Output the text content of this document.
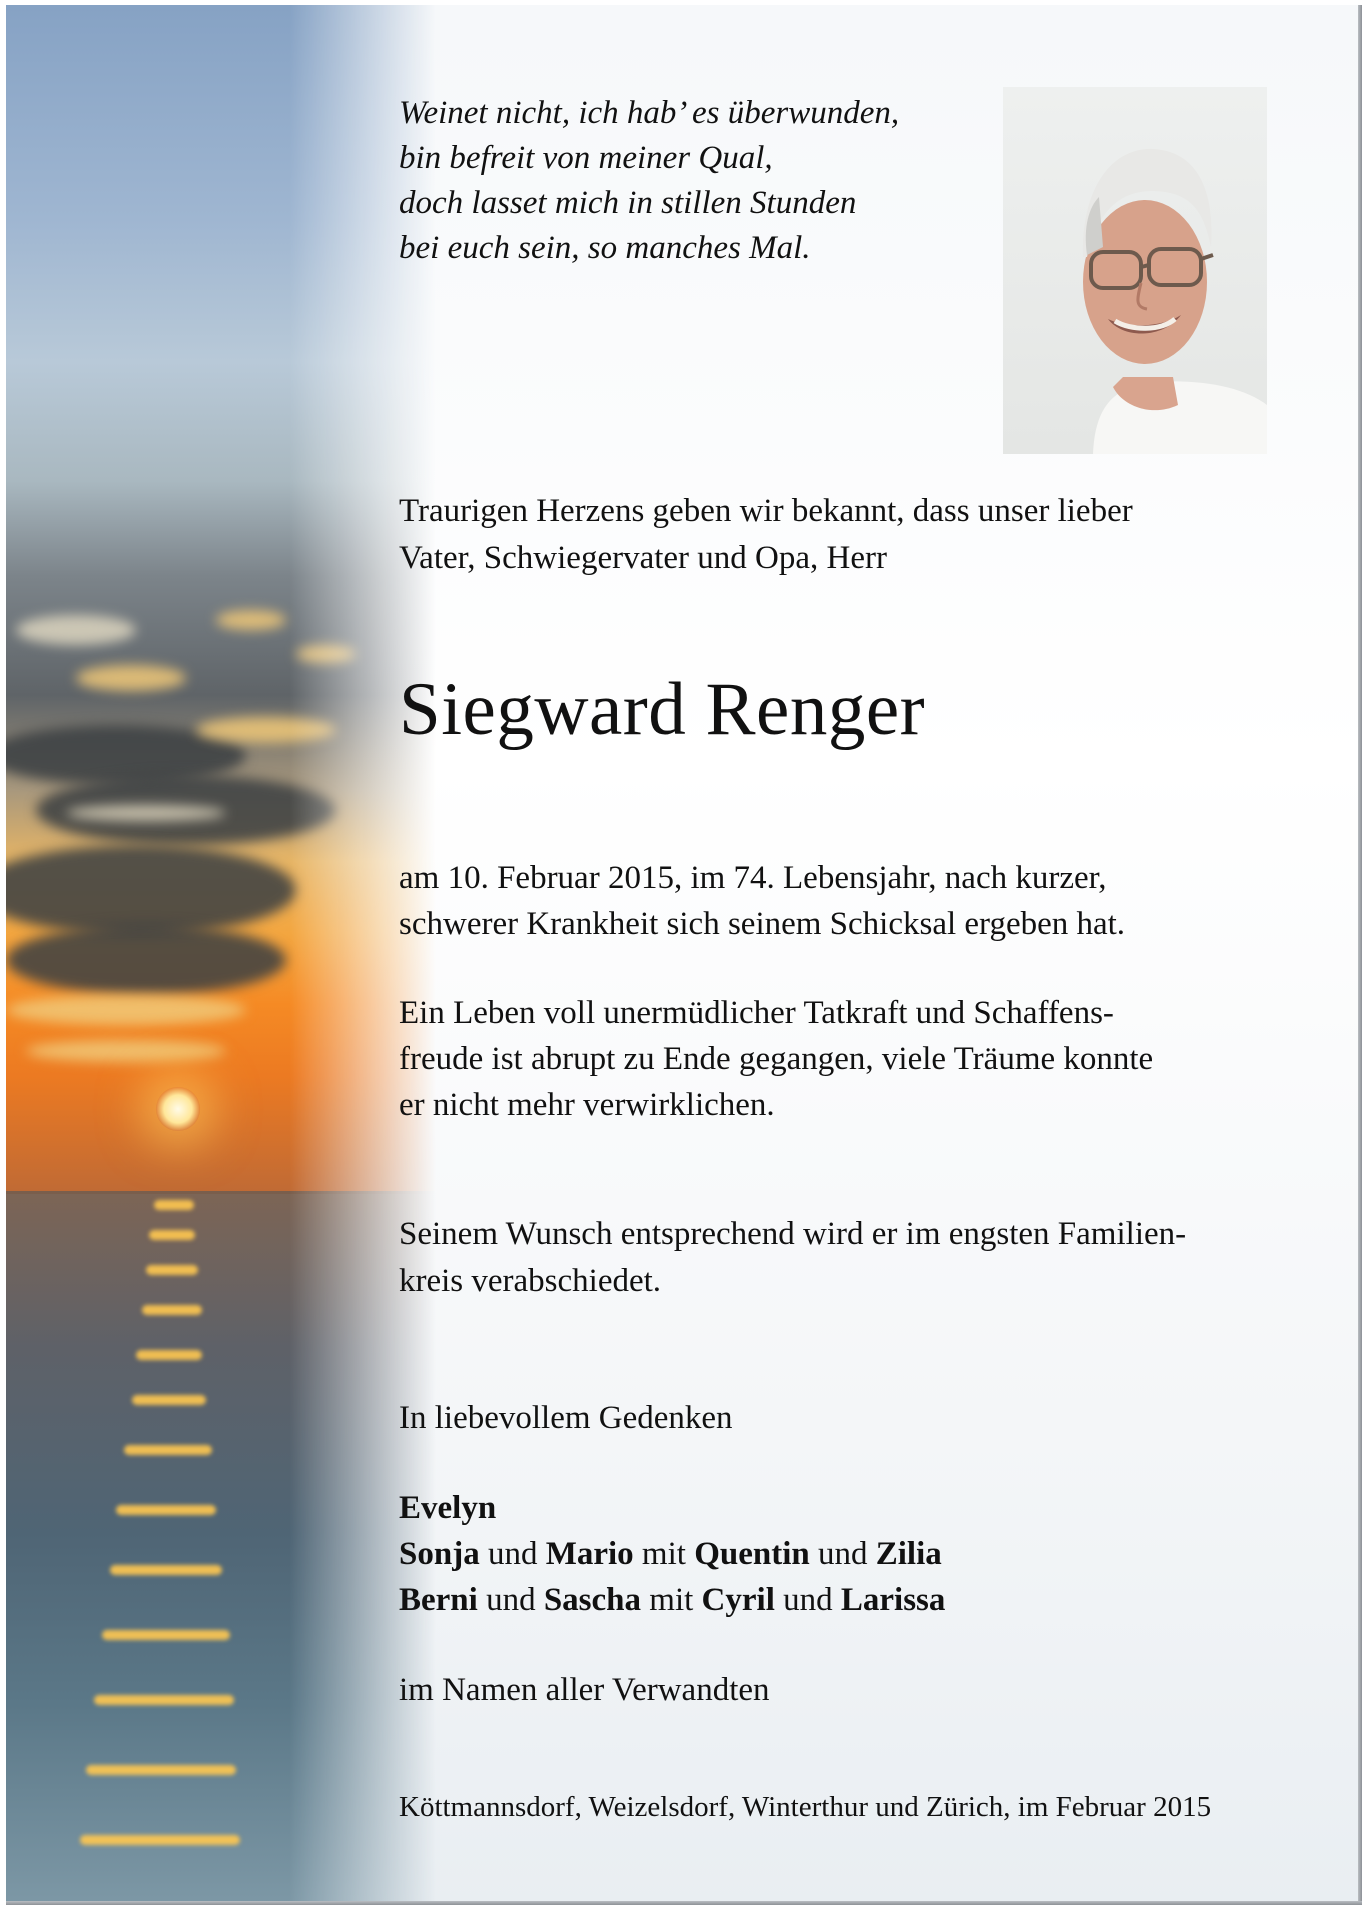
Weinet nicht, ich hab’ es überwunden,
bin befreit von meiner Qual,
doch lasset mich in stillen Stunden
bei euch sein, so manches Mal.
Traurigen Herzens geben wir bekannt, dass unser lieber
Vater, Schwiegervater und Opa, Herr
Siegward Renger
am 10. Februar 2015, im 74. Lebensjahr, nach kurzer,
schwerer Krankheit sich seinem Schicksal ergeben hat.
Ein Leben voll unermüdlicher Tatkraft und Schaffens-
freude ist abrupt zu Ende gegangen, viele Träume konnte
er nicht mehr verwirklichen.
Seinem Wunsch entsprechend wird er im engsten Familien-
kreis verabschiedet.
In liebevollem Gedenken
Evelyn
Sonja und Mario mit Quentin und Zilia
Berni und Sascha mit Cyril und Larissa
im Namen aller Verwandten
Köttmannsdorf, Weizelsdorf, Winterthur und Zürich, im Februar 2015
